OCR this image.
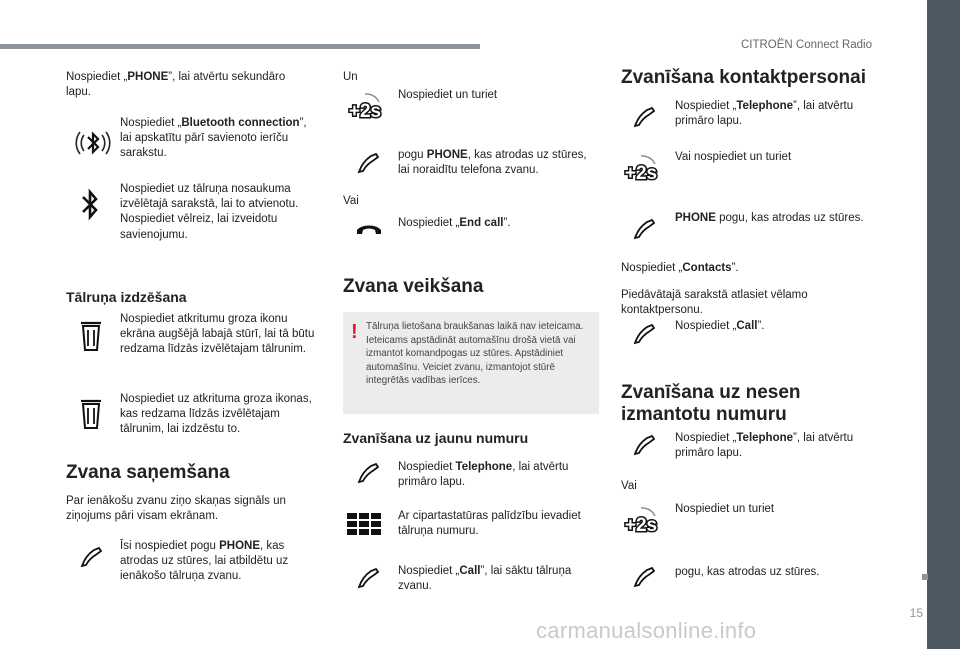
CITROËN Connect Radio
15
carmanualsonline.info
Nospiediet „PHONE”, lai atvērtu sekundāro lapu.
Nospiediet „Bluetooth connection”, lai apskatītu pārī savienoto ierīču sarakstu.
Nospiediet uz tālruņa nosaukuma izvēlētajā sarakstā, lai to atvienotu. Nospiediet vēlreiz, lai izveidotu savienojumu.
Tālruņa izdzēšana
Nospiediet atkritumu groza ikonu ekrāna augšējā labajā stūrī, lai tā būtu redzama līdzās izvēlētajam tālrunim.
Nospiediet uz atkrituma groza ikonas, kas redzama līdzās izvēlētajam tālrunim, lai izdzēstu to.
Zvana saņemšana
Par ienākošu zvanu ziņo skaņas signāls un ziņojums pāri visam ekrānam.
Īsi nospiediet pogu PHONE, kas atrodas uz stūres, lai atbildētu uz ienākošo tālruņa zvanu.
Un
+2s
Nospiediet un turiet
pogu PHONE, kas atrodas uz stūres, lai noraidītu telefona zvanu.
Vai
Nospiediet „End call”.
Zvana veikšana
! Tālruņa lietošana braukšanas laikā nav ieteicama. Ieteicams apstādināt automašīnu drošā vietā vai izmantot komandpogas uz stūres. Apstādiniet automašīnu. Veiciet zvanu, izmantojot stūrē integrētās vadības ierīces.
Zvanīšana uz jaunu numuru
Nospiediet Telephone, lai atvērtu primāro lapu.
Ar cipartastatūras palīdzību ievadiet tālruņa numuru.
Nospiediet „Call”, lai sāktu tālruņa zvanu.
Zvanīšana kontaktpersonai
Nospiediet „Telephone”, lai atvērtu primāro lapu.
+2s
Vai nospiediet un turiet
PHONE pogu, kas atrodas uz stūres.
Nospiediet „Contacts”.
Piedāvātajā sarakstā atlasiet vēlamo kontaktpersonu.
Nospiediet „Call”.
Zvanīšana uz nesen izmantotu numuru
Nospiediet „Telephone”, lai atvērtu primāro lapu.
Vai
+2s
Nospiediet un turiet
pogu, kas atrodas uz stūres.
